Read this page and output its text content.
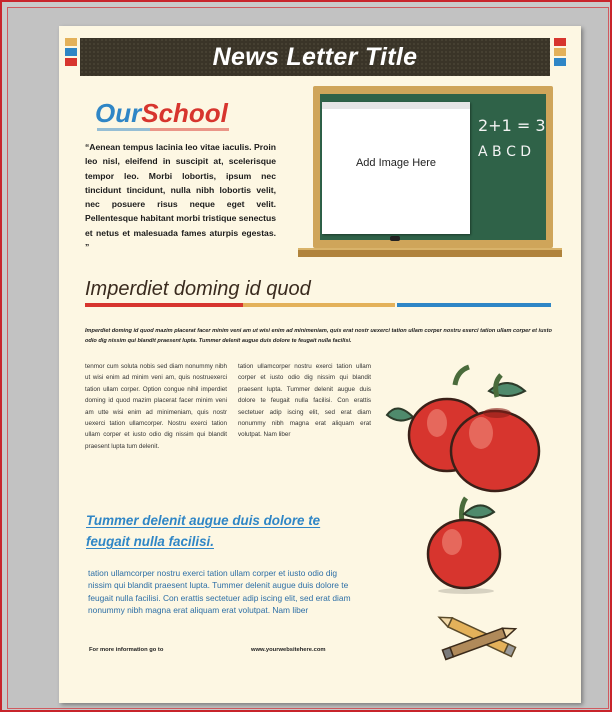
News Letter Title
OurSchool

“Aenean tempus lacinia leo vitae iaculis. Proin leo nisl, eleifend in suscipit at, scelerisque tempor leo. Morbi lobortis, ipsum nec tincidunt tincidunt, nulla nibh lobortis velit, nec posuere risus neque eget velit. Pellentesque habitant morbi tristique senectus et netus et malesuada fames aturpis egestas. ”

Add Image Here
2+1 = 3
A B C D
Imperdiet doming id quod

Imperdiet doming id quod mazim placerat facer minim veni am ut wisi enim ad minimeniam, quis erat nostr uexerci tation ullam corper nostru exerci tation ullam corper et iusto odio dig nissim qui blandit praesent lupta. Tummer delenit augue duis dolore te feugait nulla facilisi.

tenmor cum soluta nobis sed diam nonummy nibh ut wisi enim ad minim veni am, quis nostruexerci tation ullam corper. Option congue nihil imperdiet doming id quod mazim placerat facer minim veni am utte wisi enim ad minimeniam, quis nostr uexerci tation ullamcorper. Nostru exerci tation ullam corper et iusto odio dig nissim qui blandit praesent lupta tum delenit.

tation ullamcorper nostru exerci tation ullam corper et iusto odio dig nissim qui blandit praesent lupta. Tummer delenit augue duis dolore te feugait nulla facilisi. Con erattis sectetuer adip iscing elit, sed erat diam nonummy nibh magna erat aliquam erat volutpat. Nam liber

Tummer delenit augue duis dolore te feugait nulla facilisi.

tation ullamcorper nostru exerci tation ullam corper et iusto odio dig nissim qui blandit praesent lupta. Tummer delenit augue duis dolore te feugait nulla facilisi. Con erattis sectetuer adip iscing elit, sed erat diam nonummy nibh magna erat aliquam erat volutpat. Nam liber

For more information go to	www.yourwebsitehere.com
